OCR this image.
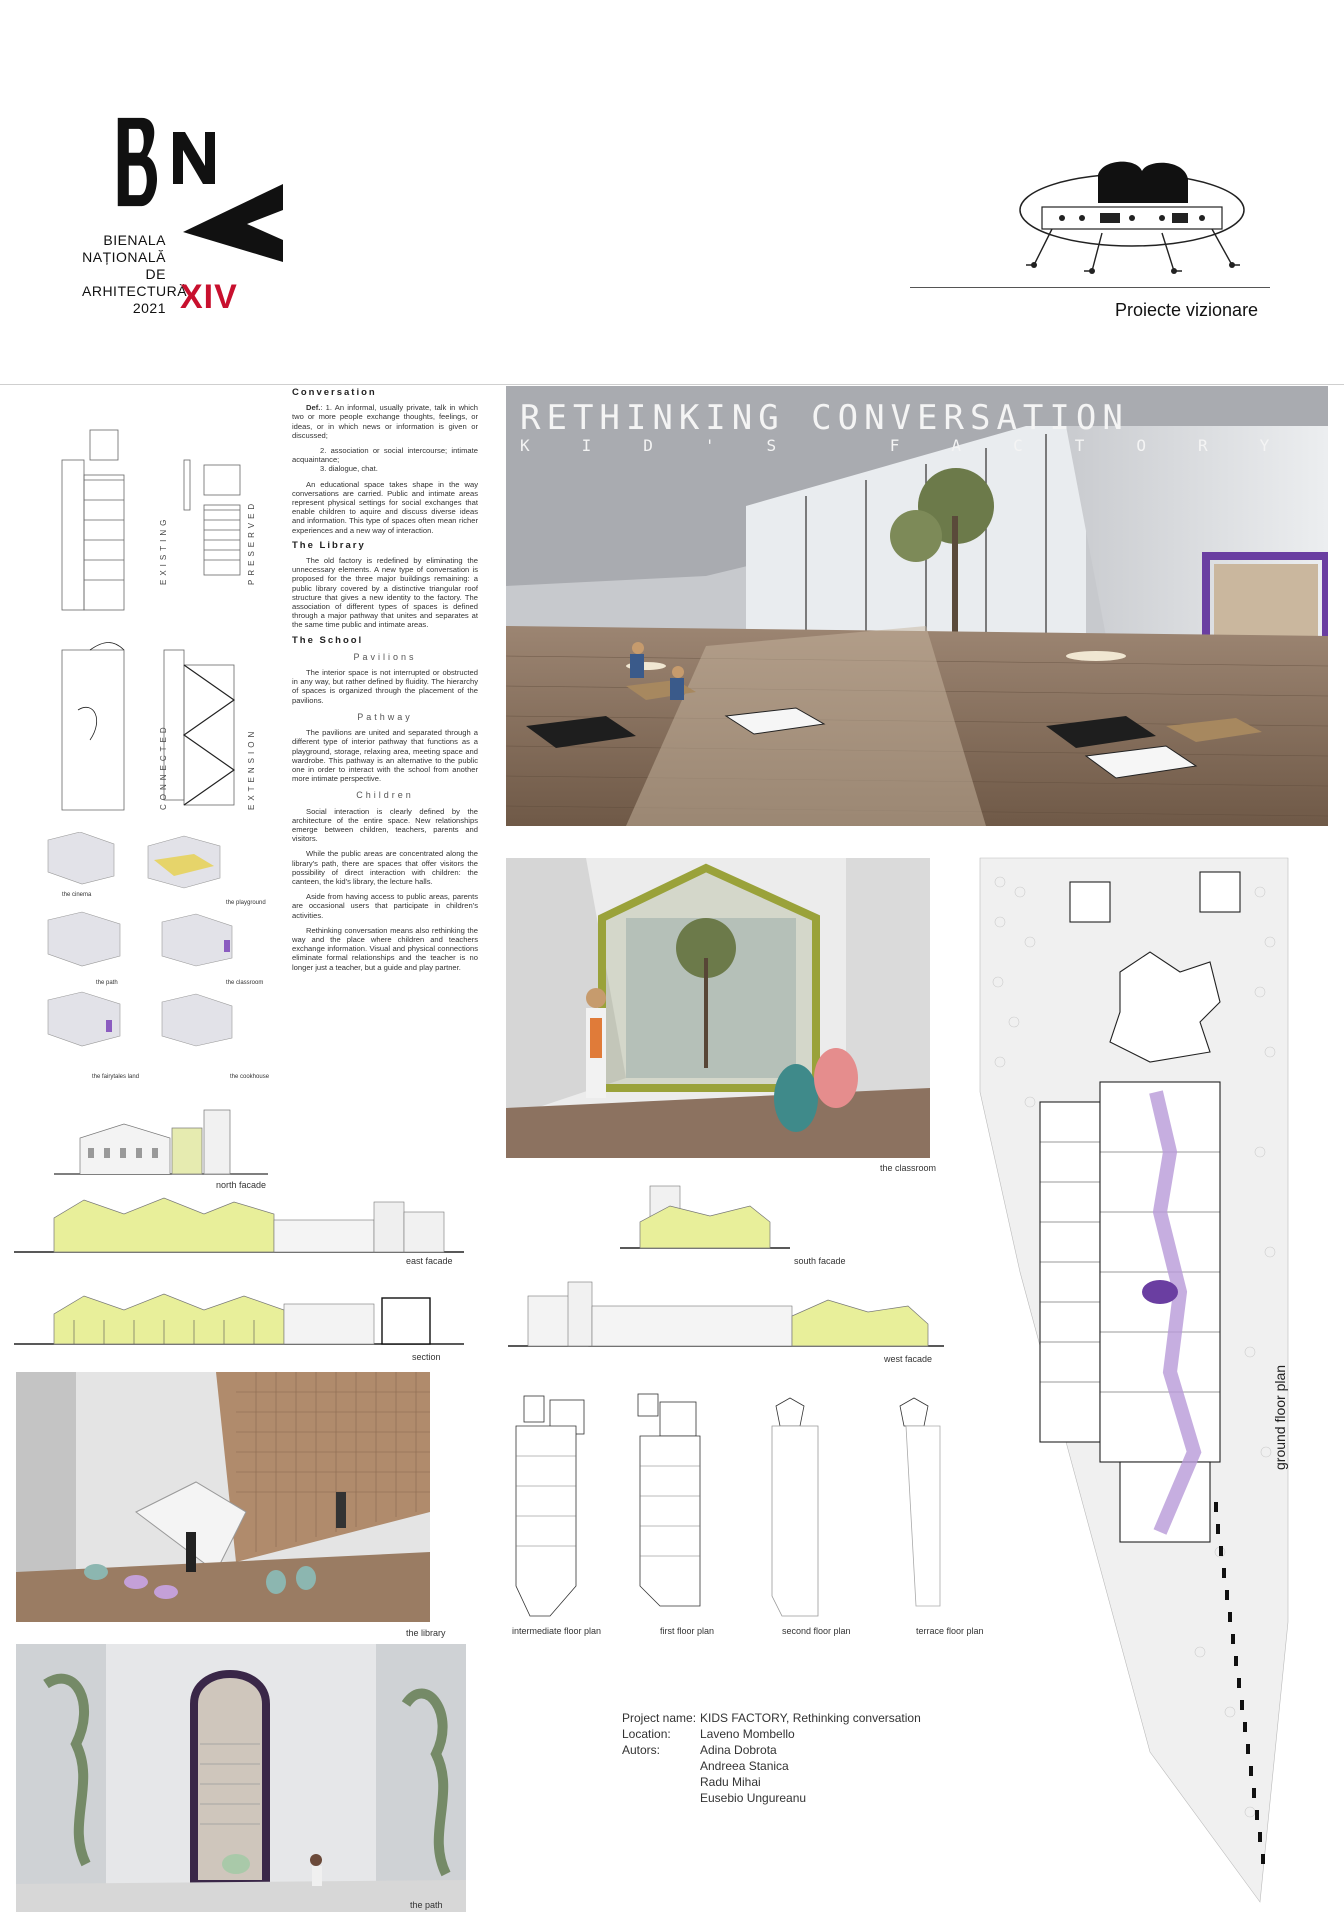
BIENALA
NAȚIONALĂ
DE
ARHITECTURĂ
2021 XIV	Proiecte vizionare
EXISTING	PRESERVED
CONNECTED	EXTENSION
the cinema
the playground
the path	the classroom
the fairytales land	the cookhouse
north facade
Conversation

Def.: 1. An informal, usually private, talk in which two or more people exchange thoughts, feelings, or ideas, or in which news or information is given or discussed;

2. association or social intercourse; intimate acquaintance;

3. dialogue, chat.

An educational space takes shape in the way conversations are carried. Public and intimate areas represent physical settings for social exchanges that enable children to aquire and discuss diverse ideas and information. This type of spaces often mean richer experiences and a new way of interaction.

The Library

The old factory is redefined by eliminating the unnecessary elements. A new type of conversation is proposed for the three major buildings remaining: a public library covered by a distinctive triangular roof structure that gives a new identity to the factory. The association of different types of spaces is defined through a major pathway that unites and separates at the same time public and intimate areas.

The School
Pavilions

The interior space is not interrupted or obstructed in any way, but rather defined by fluidity. The hierarchy of spaces is organized through the placement of the pavilions.

Pathway

The pavilions are united and separated through a different type of interior pathway that functions as a playground, storage, relaxing area, meeting space and wardrobe. This pathway is an alternative to the public one in order to interact with the school from another more intimate perspective.

Children

Social interaction is clearly defined by the architecture of the entire space. New relationships emerge between children, teachers, parents and visitors.

While the public areas are concentrated along the library's path, there are spaces that offer visitors the possibility of direct interaction with children: the canteen, the kid's library, the lecture halls.

Aside from having access to public areas, parents are occasional users that participate in children's activities.

Rethinking conversation means also rethinking the way and the place where children and teachers exchange information. Visual and physical connections eliminate formal relationships and the teacher is no longer just a teacher, but a guide and play partner.

RETHINKING CONVERSATION
KID'S FACTORY
the classroom
ground floor plan
east facade
section
south facade
west facade
the library
the path
intermediate floor plan	first floor plan	second floor plan	terrace floor plan
Project name: KIDS FACTORY, Rethinking conversation
Location: Laveno Mombello
Autors:	Adina Dobrota
Andreea Stanica
Radu Mihai
Eusebio Ungureanu
